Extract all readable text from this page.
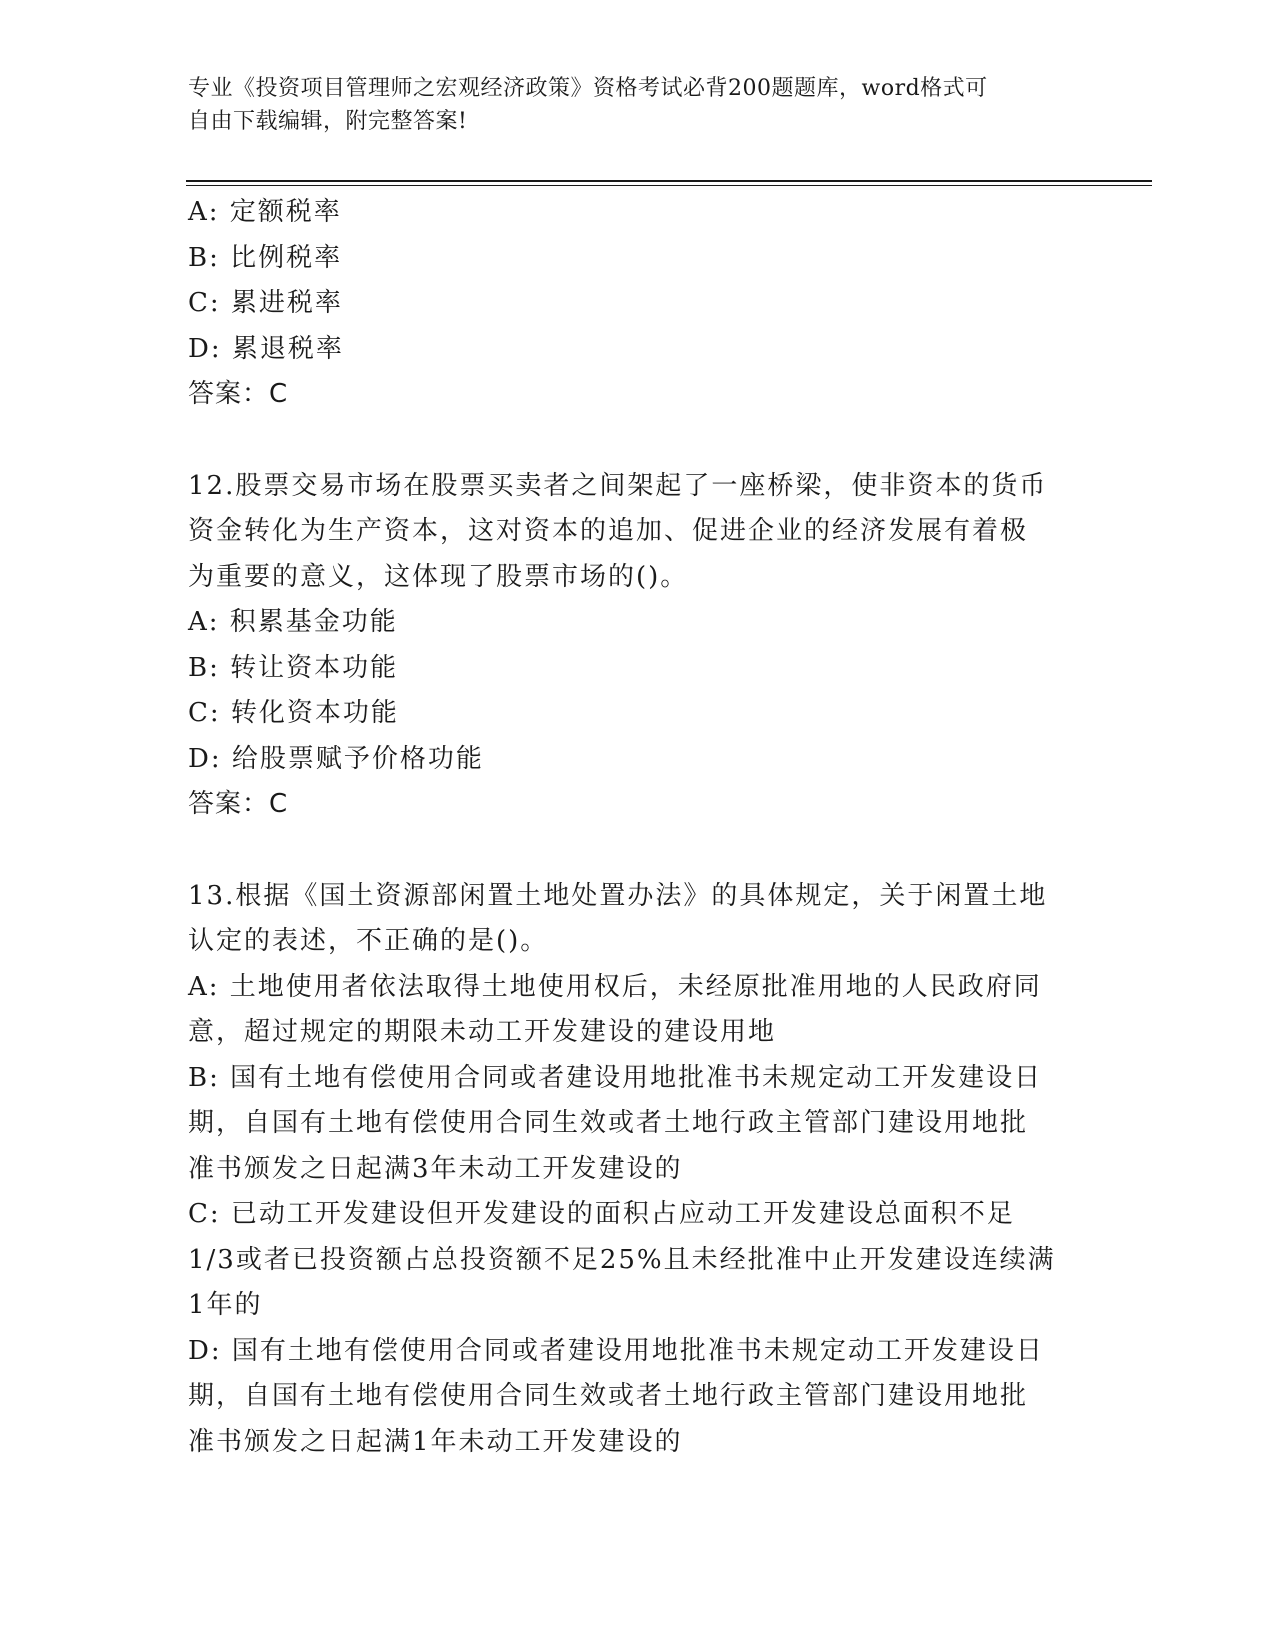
专业《投资项目管理师之宏观经济政策》资格考试必背200题题库，word格式可
自由下载编辑，附完整答案!
A: 定额税率
B: 比例税率
C: 累进税率
D: 累退税率
答案：C
12.股票交易市场在股票买卖者之间架起了一座桥梁，使非资本的货币
资金转化为生产资本，这对资本的追加、促进企业的经济发展有着极
为重要的意义，这体现了股票市场的()。
A: 积累基金功能
B: 转让资本功能
C: 转化资本功能
D: 给股票赋予价格功能
答案：C
13.根据《国土资源部闲置土地处置办法》的具体规定，关于闲置土地
认定的表述，不正确的是()。
A: 土地使用者依法取得土地使用权后，未经原批准用地的人民政府同
意，超过规定的期限未动工开发建设的建设用地
B: 国有土地有偿使用合同或者建设用地批准书未规定动工开发建设日
期，自国有土地有偿使用合同生效或者土地行政主管部门建设用地批
准书颁发之日起满3年未动工开发建设的
C: 已动工开发建设但开发建设的面积占应动工开发建设总面积不足
1/3或者已投资额占总投资额不足25%且未经批准中止开发建设连续满
1年的
D: 国有土地有偿使用合同或者建设用地批准书未规定动工开发建设日
期，自国有土地有偿使用合同生效或者土地行政主管部门建设用地批
准书颁发之日起满1年未动工开发建设的
